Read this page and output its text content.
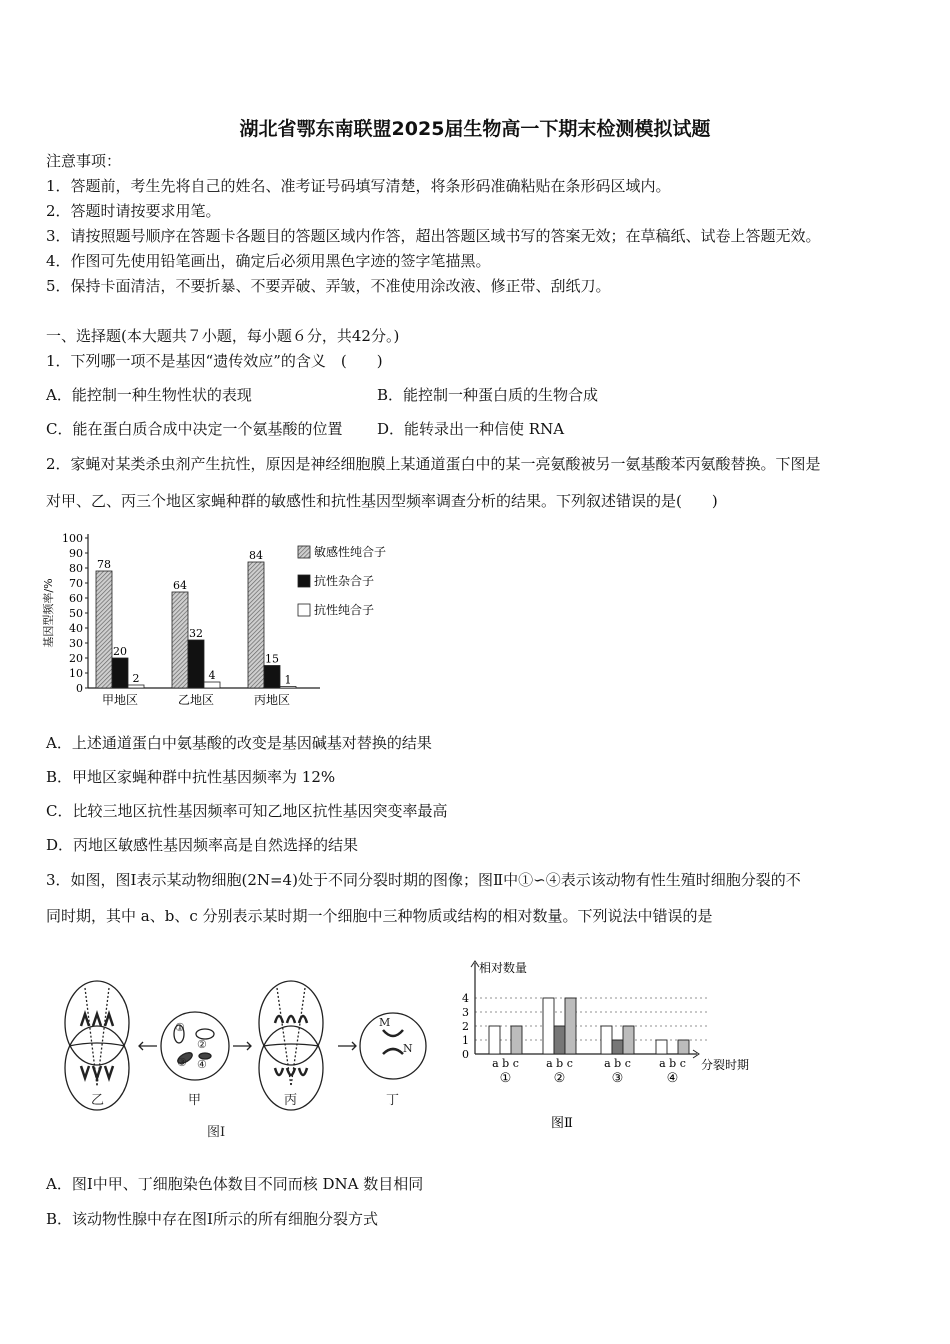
湖北省鄂东南联盟2025届生物高一下期末检测模拟试题
注意事项：
1．答题前，考生先将自己的姓名、准考证号码填写清楚，将条形码准确粘贴在条形码区域内。
2．答题时请按要求用笔。
3．请按照题号顺序在答题卡各题目的答题区域内作答，超出答题区域书写的答案无效；在草稿纸、试卷上答题无效。
4．作图可先使用铅笔画出，确定后必须用黑色字迹的签字笔描黑。
5．保持卡面清洁，不要折暴、不要弄破、弄皱，不准使用涂改液、修正带、刮纸刀。
一、选择题(本大题共７小题，每小题６分，共42分。)
1．下列哪一项不是基因“遗传效应”的含义　(　　)
A．能控制一种生物性状的表现	B．能控制一种蛋白质的生物合成
C．能在蛋白质合成中决定一个氨基酸的位置 D．能转录出一种信使 RNA
2．家蝇对某类杀虫剂产生抗性，原因是神经细胞膜上某通道蛋白中的某一亮氨酸被另一氨基酸苯丙氨酸替换。下图是
对甲、乙、丙三个地区家蝇种群的敏感性和抗性基因型频率调查分析的结果。下列叙述错误的是(　　)
0
10
20
30
40
50
60
70
80
90
100
基因型频率/%
78
20
2
甲地区
64
32
4
乙地区
84
15
1
丙地区
敏感性纯合子
抗性杂合子
抗性纯合子
A．上述通道蛋白中氨基酸的改变是基因碱基对替换的结果
B．甲地区家蝇种群中抗性基因频率为 12%
C．比较三地区抗性基因频率可知乙地区抗性基因突变率最高
D．丙地区敏感性基因频率高是自然选择的结果
3．如图，图Ⅰ表示某动物细胞(2N=4)处于不同分裂时期的图像；图Ⅱ中①∽④表示该动物有性生殖时细胞分裂的不
同时期，其中 a、b、c 分别表示某时期一个细胞中三种物质或结构的相对数量。下列说法中错误的是
①
②
③ ④
M
N
乙	甲	丙	丁
图Ⅰ
相对数量
0
1
2
3
4
a b c
①
a b c
②
a b c
③
a b c
④
分裂时期
图Ⅱ
A．图Ⅰ中甲、丁细胞染色体数目不同而核 DNA 数目相同
B．该动物性腺中存在图Ⅰ所示的所有细胞分裂方式
